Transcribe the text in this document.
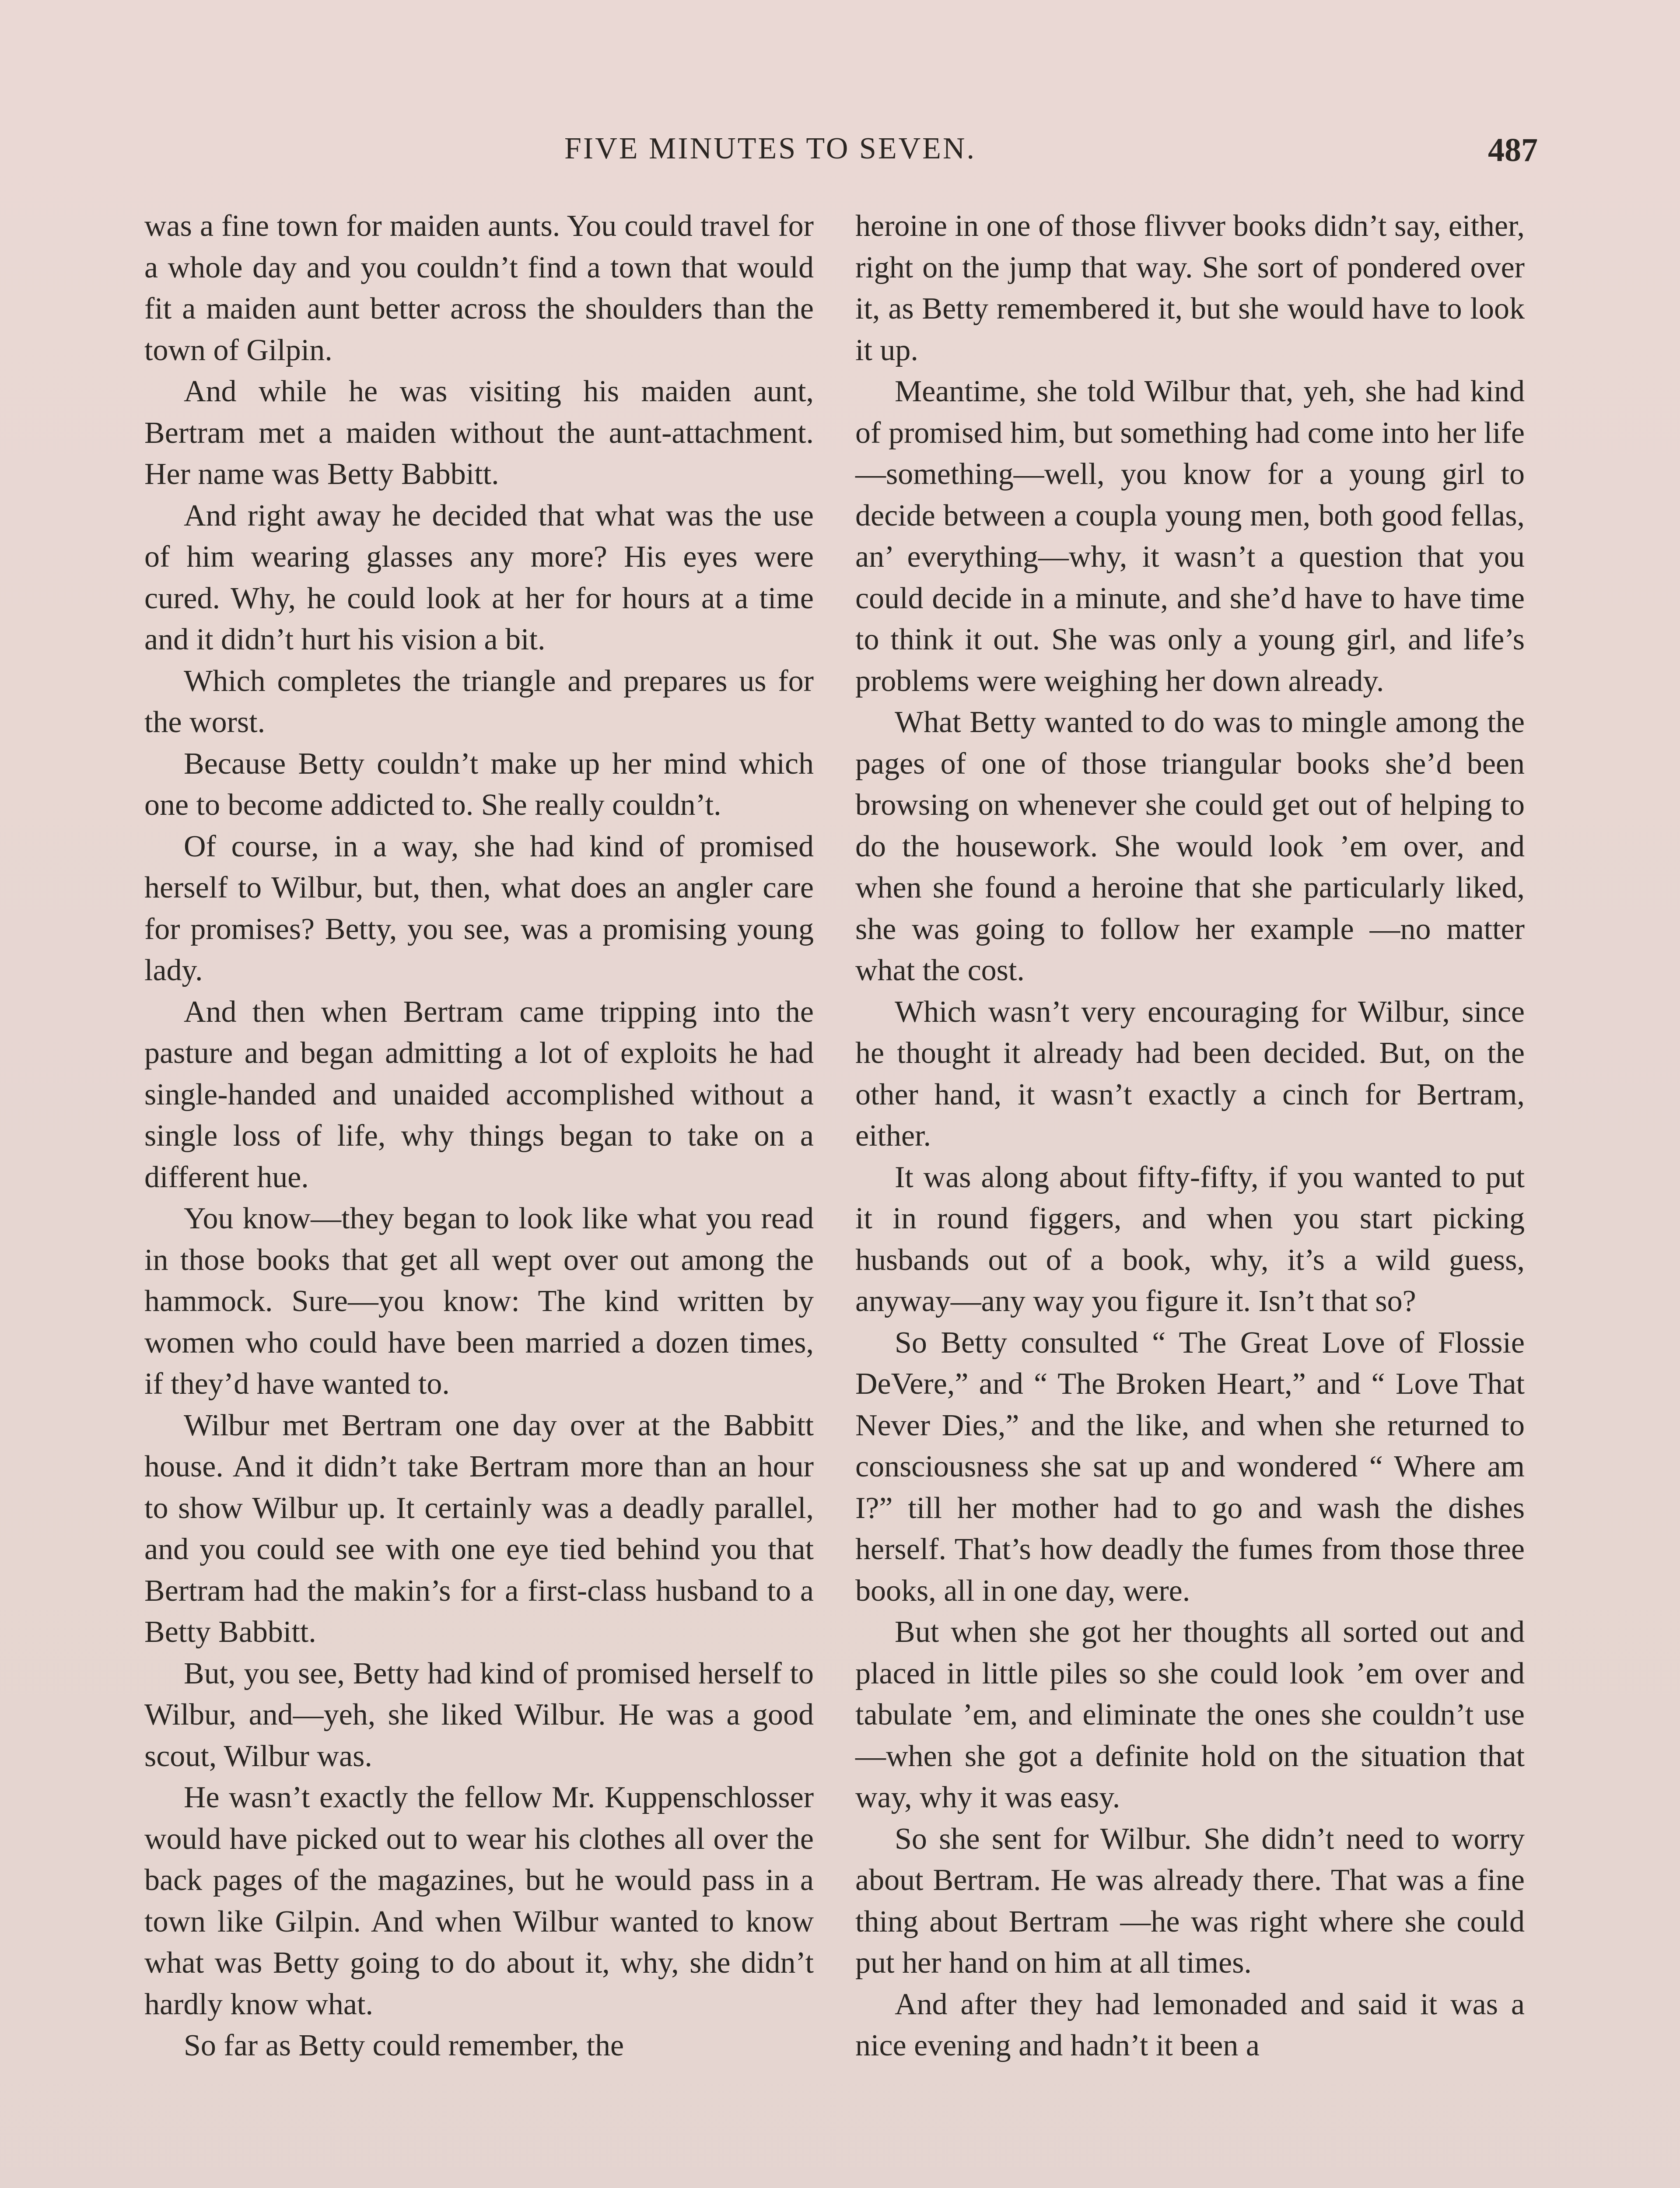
FIVE MINUTES TO SEVEN.	487

was a fine town for maiden aunts. You could travel for a whole day and you couldn’t find a town that would fit a maiden aunt better across the shoulders than the town of Gilpin.

And while he was visiting his maiden aunt, Bertram met a maiden without the aunt-attachment. Her name was Betty Babbitt.

And right away he decided that what was the use of him wearing glasses any more? His eyes were cured. Why, he could look at her for hours at a time and it didn’t hurt his vision a bit.

Which completes the triangle and prepares us for the worst.

Because Betty couldn’t make up her mind which one to become addicted to. She really couldn’t.

Of course, in a way, she had kind of promised herself to Wilbur, but, then, what does an angler care for promises? Betty, you see, was a promising young lady.

And then when Bertram came tripping into the pasture and began admitting a lot of exploits he had single-handed and unaided accomplished without a single loss of life, why things began to take on a different hue.

You know—they began to look like what you read in those books that get all wept over out among the hammock. Sure—you know: The kind written by women who could have been married a dozen times, if they’d have wanted to.

Wilbur met Bertram one day over at the Babbitt house. And it didn’t take Bertram more than an hour to show Wilbur up. It certainly was a deadly parallel, and you could see with one eye tied behind you that Bertram had the makin’s for a first-class husband to a Betty Babbitt.

But, you see, Betty had kind of promised herself to Wilbur, and—yeh, she liked Wilbur. He was a good scout, Wilbur was.

He wasn’t exactly the fellow Mr. Kuppenschlosser would have picked out to wear his clothes all over the back pages of the magazines, but he would pass in a town like Gilpin. And when Wilbur wanted to know what was Betty going to do about it, why, she didn’t hardly know what.

So far as Betty could remember, the

heroine in one of those flivver books didn’t say, either, right on the jump that way. She sort of pondered over it, as Betty remembered it, but she would have to look it up.

Meantime, she told Wilbur that, yeh, she had kind of promised him, but something had come into her life—something—well, you know for a young girl to decide between a coupla young men, both good fellas, an’ everything—why, it wasn’t a question that you could decide in a minute, and she’d have to have time to think it out. She was only a young girl, and life’s problems were weighing her down already.

What Betty wanted to do was to mingle among the pages of one of those triangular books she’d been browsing on whenever she could get out of helping to do the housework. She would look ’em over, and when she found a heroine that she particularly liked, she was going to follow her example —no matter what the cost.

Which wasn’t very encouraging for Wilbur, since he thought it already had been decided. But, on the other hand, it wasn’t exactly a cinch for Bertram, either.

It was along about fifty-fifty, if you wanted to put it in round figgers, and when you start picking husbands out of a book, why, it’s a wild guess, anyway—any way you figure it. Isn’t that so?

So Betty consulted “ The Great Love of Flossie DeVere,” and “ The Broken Heart,” and “ Love That Never Dies,” and the like, and when she returned to consciousness she sat up and wondered “ Where am I?” till her mother had to go and wash the dishes herself. That’s how deadly the fumes from those three books, all in one day, were.

But when she got her thoughts all sorted out and placed in little piles so she could look ’em over and tabulate ’em, and eliminate the ones she couldn’t use—when she got a definite hold on the situation that way, why it was easy.

So she sent for Wilbur. She didn’t need to worry about Bertram. He was already there. That was a fine thing about Bertram —he was right where she could put her hand on him at all times.

And after they had lemonaded and said it was a nice evening and hadn’t it been a
